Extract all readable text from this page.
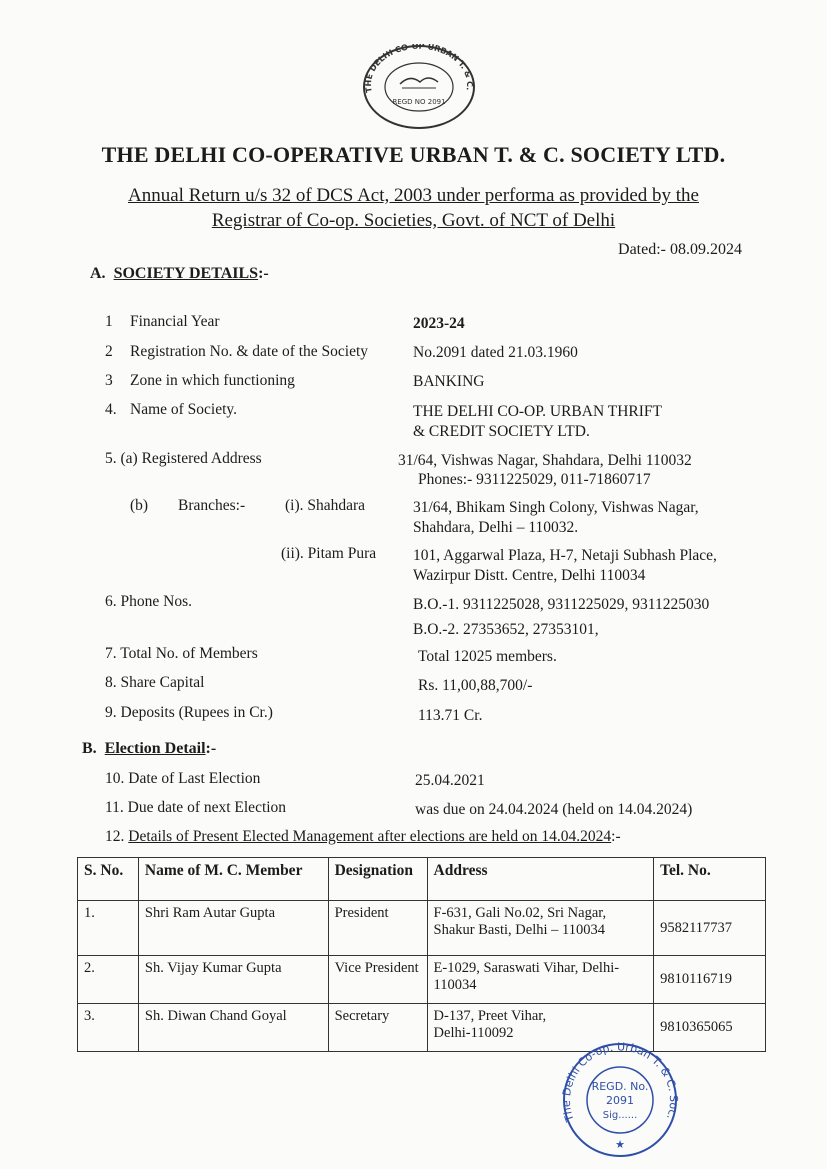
REGD NO 2091
THE DELHI CO-OP URBAN T. & C.
THE DELHI CO-OPERATIVE URBAN T. & C. SOCIETY LTD.
Annual Return u/s 32 of DCS Act, 2003 under performa as provided by the
Registrar of Co-op. Societies, Govt. of NCT of Delhi
Dated:- 08.09.2024
A. SOCIETY DETAILS:-
1 Financial Year	2023-24
2 Registration No. & date of the Society	No.2091 dated 21.03.1960
3 Zone in which functioning	BANKING
4. Name of Society.	THE DELHI CO-OP. URBAN THRIFT
& CREDIT SOCIETY LTD.
5. (a) Registered Address	31/64, Vishwas Nagar, Shahdara, Delhi 110032
Phones:- 9311225029, 011-71860717
(b) Branches:-	(i). Shahdara	31/64, Bhikam Singh Colony, Vishwas Nagar,
Shahdara, Delhi – 110032.
(ii). Pitam Pura 101, Aggarwal Plaza, H-7, Netaji Subhash Place,
Wazirpur Distt. Centre, Delhi 110034
6. Phone Nos.	B.O.-1. 9311225028, 9311225029, 9311225030
B.O.-2. 27353652, 27353101,
7. Total No. of Members	Total 12025 members.
8. Share Capital	Rs. 11,00,88,700/-
9. Deposits (Rupees in Cr.)	113.71 Cr.
B. Election Detail:-
10. Date of Last Election	25.04.2021
11. Due date of next Election	was due on 24.04.2024 (held on 14.04.2024)
12. Details of Present Elected Management after elections are held on 14.04.2024:-
S. No.	Name of M. C. Member	Designation	Address	Tel. No.
1.	Shri Ram Autar Gupta	President	F-631, Gali No.02, Sri Nagar,
Shakur Basti, Delhi – 110034	9582117737
2.	Sh. Vijay Kumar Gupta	Vice President	E-1029, Saraswati Vihar, Delhi-
110034	9810116719
3.	Sh. Diwan Chand Goyal	Secretary	D-137, Preet Vihar,
Delhi-110092	9810365065
The Delhi Co-op. Urban T. & C. Soc.
REGD. No.
2091
Sig......
★
